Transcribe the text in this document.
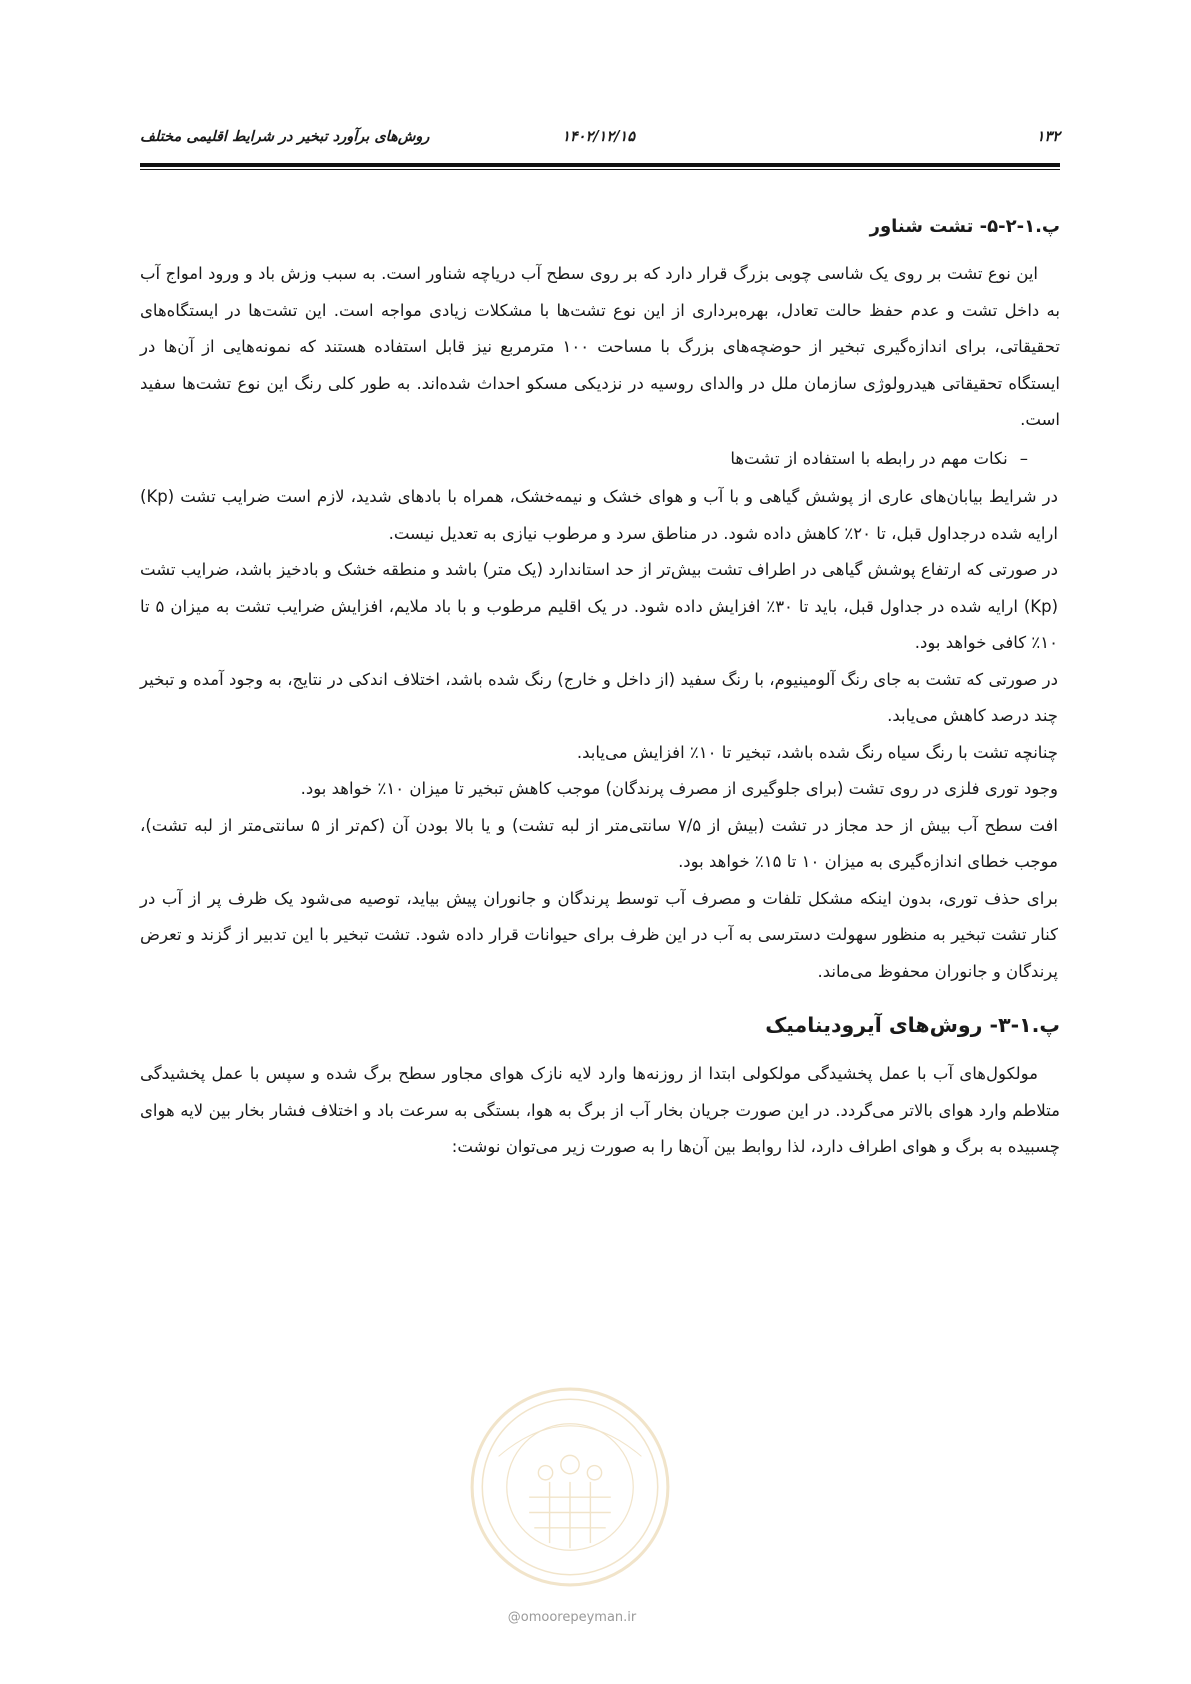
۱۳۲
۱۴۰۲/۱۲/۱۵
روش‌های برآورد تبخیر در شرایط اقلیمی مختلف
پ.۱-۲-۵- تشت شناور

این نوع تشت بر روی یک شاسی چوبی بزرگ قرار دارد که بر روی سطح آب دریاچه شناور است. به سبب وزش باد و ورود امواج آب به داخل تشت و عدم حفظ حالت تعادل، بهره‌برداری از این نوع تشت‌ها با مشکلات زیادی مواجه است. این تشت‌ها در ایستگاه‌های تحقیقاتی، برای اندازه‌گیری تبخیر از حوضچه‌های بزرگ با مساحت ۱۰۰ مترمربع نیز قابل استفاده هستند که نمونه‌هایی از آن‌ها در ایستگاه تحقیقاتی هیدرولوژی سازمان ملل در والدای روسیه در نزدیکی مسکو احداث شده‌اند. به طور کلی رنگ این نوع تشت‌ها سفید است.

–نکات مهم در رابطه با استفاده از تشت‌ها

در شرایط بیابان‌های عاری از پوشش گیاهی و با آب و هوای خشک و نیمه‌خشک، همراه با بادهای شدید، لازم است ضرایب تشت (Kp) ارایه شده درجداول قبل، تا ۲۰٪ کاهش داده شود. در مناطق سرد و مرطوب نیازی به تعدیل نیست.

در صورتی که ارتفاع پوشش گیاهی در اطراف تشت بیش‌تر از حد استاندارد (یک متر) باشد و منطقه خشک و بادخیز باشد، ضرایب تشت (Kp) ارایه شده در جداول قبل، باید تا ۳۰٪ افزایش داده شود. در یک اقلیم مرطوب و با باد ملایم، افزایش ضرایب تشت به میزان ۵ تا ۱۰٪ کافی خواهد بود.

در صورتی که تشت به جای رنگ آلومینیوم، با رنگ سفید (از داخل و خارج) رنگ شده باشد، اختلاف اندکی در نتایج، به وجود آمده و تبخیر چند درصد کاهش می‌یابد.

چنانچه تشت با رنگ سیاه رنگ شده باشد، تبخیر تا ۱۰٪ افزایش می‌یابد.

وجود توری فلزی در روی تشت (برای جلوگیری از مصرف پرندگان) موجب کاهش تبخیر تا میزان ۱۰٪ خواهد بود.

افت سطح آب بیش از حد مجاز در تشت (بیش از ۷/۵ سانتی‌متر از لبه تشت) و یا بالا بودن آن (کم‌تر از ۵ سانتی‌متر از لبه تشت)، موجب خطای اندازه‌گیری به میزان ۱۰ تا ۱۵٪ خواهد بود.

برای حذف توری، بدون اینکه مشکل تلفات و مصرف آب توسط پرندگان و جانوران پیش بیاید، توصیه می‌شود یک ظرف پر از آب در کنار تشت تبخیر به منظور سهولت دسترسی به آب در این ظرف برای حیوانات قرار داده شود. تشت تبخیر با این تدبیر از گزند و تعرض پرندگان و جانوران محفوظ می‌ماند.

پ.۱-۳- روش‌های آیرودینامیک

مولکول‌های آب با عمل پخشیدگی مولکولی ابتدا از روزنه‌ها وارد لایه نازک هوای مجاور سطح برگ شده و سپس با عمل پخشیدگی متلاطم وارد هوای بالاتر می‌گردد. در این صورت جریان بخار آب از برگ به هوا، بستگی به سرعت باد و اختلاف فشار بخار بین لایه هوای چسبیده به برگ و هوای اطراف دارد، لذا روابط بین آن‌ها را به صورت زیر می‌توان نوشت:

@omoorepeyman.ir
